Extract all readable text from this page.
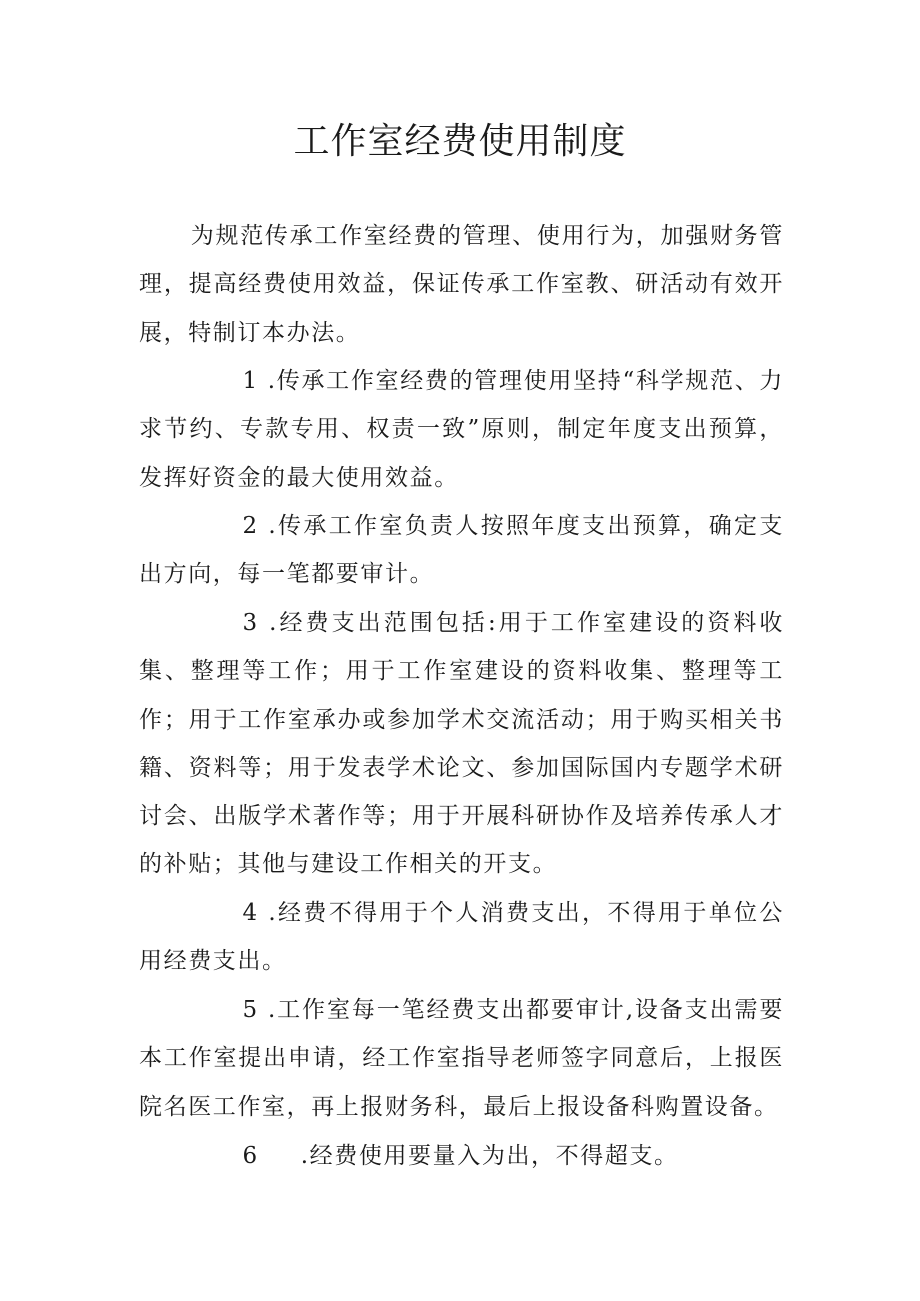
工作室经费使用制度

为规范传承工作室经费的管理、使用行为，加强财务管理，提高经费使用效益，保证传承工作室教、研活动有效开展，特制订本办法。

1 .传承工作室经费的管理使用坚持“科学规范、力求节约、专款专用、权责一致”原则，制定年度支出预算，发挥好资金的最大使用效益。

2 .传承工作室负责人按照年度支出预算，确定支出方向，每一笔都要审计。

3 .经费支出范围包括:用于工作室建设的资料收集、整理等工作；用于工作室建设的资料收集、整理等工作；用于工作室承办或参加学术交流活动；用于购买相关书籍、资料等；用于发表学术论文、参加国际国内专题学术研讨会、出版学术著作等；用于开展科研协作及培养传承人才的补贴；其他与建设工作相关的开支。

4 .经费不得用于个人消费支出，不得用于单位公用经费支出。

5 .工作室每一笔经费支出都要审计,设备支出需要本工作室提出申请，经工作室指导老师签字同意后，上报医院名医工作室，再上报财务科，最后上报设备科购置设备。

6 .经费使用要量入为出，不得超支。
